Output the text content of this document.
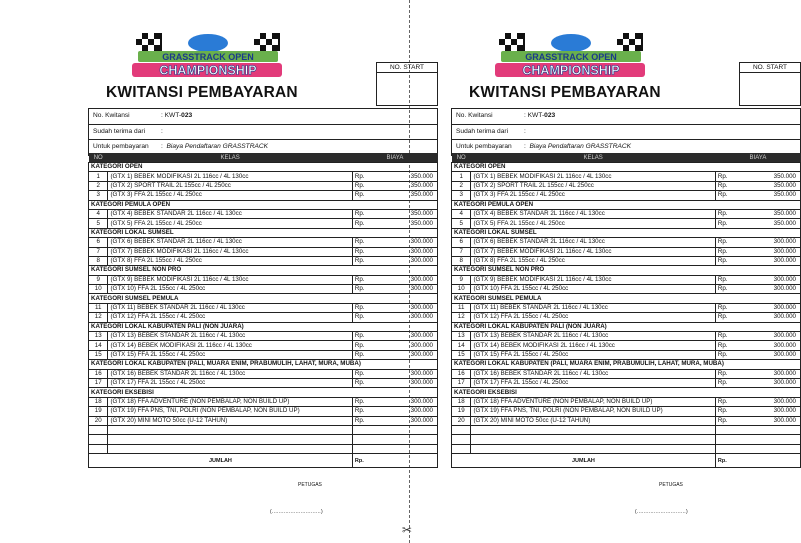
✂
GRASSTRACK OPEN
CHAMPIONSHIP	NO. START
KWITANSI PEMBAYARAN
No. Kwitansi	: KWT-023
Sudah terima dari :
Untuk pembayaran : Biaya Pendaftaran GRASSTRACK
NO	KELAS	BIAYA	
KATEGORI OPEN			
1	(GTX 1) BEBEK MODIFIKASI 2L 116cc / 4L 130cc	Rp.	350.000
2	(GTX 2) SPORT TRAIL 2L 155cc / 4L 250cc	Rp.	350.000
3	(GTX 3) FFA 2L 155cc / 4L 250cc	Rp.	350.000
KATEGORI PEMULA OPEN			
4	(GTX 4) BEBEK STANDAR 2L 116cc / 4L 130cc	Rp.	350.000
5	(GTX 5) FFA 2L 155cc / 4L 250cc	Rp.	350.000
KATEGORI LOKAL SUMSEL			
6	(GTX 6) BEBEK STANDAR 2L 116cc / 4L 130cc	Rp.	300.000
7	(GTX 7) BEBEK MODIFIKASI 2L 116cc / 4L 130cc	Rp.	300.000
8	(GTX 8) FFA 2L 155cc / 4L 250cc	Rp.	300.000
KATEGORI SUMSEL NON PRO			
9	(GTX 9) BEBEK MODIFIKASI 2L 116cc / 4L 130cc	Rp.	300.000
10	(GTX 10) FFA 2L 155cc / 4L 250cc	Rp.	300.000
KATEGORI SUMSEL PEMULA			
11	(GTX 11) BEBEK STANDAR 2L 116cc / 4L 130cc	Rp.	300.000
12	(GTX 12) FFA 2L 155cc / 4L 250cc	Rp.	300.000
KATEGORI LOKAL KABUPATEN PALI (NON JUARA)			
13	(GTX 13) BEBEK STANDAR 2L 116cc / 4L 130cc	Rp.	300.000
14	(GTX 14) BEBEK MODIFIKASI 2L 116cc / 4L 130cc	Rp.	300.000
15	(GTX 15) FFA 2L 155cc / 4L 250cc	Rp.	300.000
KATEGORI LOKAL KABUPATEN (PALI, MUARA ENIM, PRABUMULIH, LAHAT, MURA, MUBA)			
16	(GTX 16) BEBEK STANDAR 2L 116cc / 4L 130cc	Rp.	300.000
17	(GTX 17) FFA 2L 155cc / 4L 250cc	Rp.	300.000
KATEGORI EKSEBISI			
18	(GTX 18) FFA ADVENTURE (NON PEMBALAP, NON BUILD UP)	Rp.	300.000
19	(GTX 19) FFA PNS, TNI, POLRI (NON PEMBALAP, NON BUILD UP)	Rp.	300.000
20	(GTX 20) MINI MOTO 50cc (U-12 TAHUN)	Rp.	300.000

JUMLAH		Rp.	
PETUGAS
(.............................)
GRASSTRACK OPEN
CHAMPIONSHIP	NO. START
KWITANSI PEMBAYARAN
No. Kwitansi	: KWT-023
Sudah terima dari :
Untuk pembayaran : Biaya Pendaftaran GRASSTRACK
NO	KELAS	BIAYA	
KATEGORI OPEN			
1	(GTX 1) BEBEK MODIFIKASI 2L 116cc / 4L 130cc	Rp.	350.000
2	(GTX 2) SPORT TRAIL 2L 155cc / 4L 250cc	Rp.	350.000
3	(GTX 3) FFA 2L 155cc / 4L 250cc	Rp.	350.000
KATEGORI PEMULA OPEN			
4	(GTX 4) BEBEK STANDAR 2L 116cc / 4L 130cc	Rp.	350.000
5	(GTX 5) FFA 2L 155cc / 4L 250cc	Rp.	350.000
KATEGORI LOKAL SUMSEL			
6	(GTX 6) BEBEK STANDAR 2L 116cc / 4L 130cc	Rp.	300.000
7	(GTX 7) BEBEK MODIFIKASI 2L 116cc / 4L 130cc	Rp.	300.000
8	(GTX 8) FFA 2L 155cc / 4L 250cc	Rp.	300.000
KATEGORI SUMSEL NON PRO			
9	(GTX 9) BEBEK MODIFIKASI 2L 116cc / 4L 130cc	Rp.	300.000
10	(GTX 10) FFA 2L 155cc / 4L 250cc	Rp.	300.000
KATEGORI SUMSEL PEMULA			
11	(GTX 11) BEBEK STANDAR 2L 116cc / 4L 130cc	Rp.	300.000
12	(GTX 12) FFA 2L 155cc / 4L 250cc	Rp.	300.000
KATEGORI LOKAL KABUPATEN PALI (NON JUARA)			
13	(GTX 13) BEBEK STANDAR 2L 116cc / 4L 130cc	Rp.	300.000
14	(GTX 14) BEBEK MODIFIKASI 2L 116cc / 4L 130cc	Rp.	300.000
15	(GTX 15) FFA 2L 155cc / 4L 250cc	Rp.	300.000
KATEGORI LOKAL KABUPATEN (PALI, MUARA ENIM, PRABUMULIH, LAHAT, MURA, MUBA)			
16	(GTX 16) BEBEK STANDAR 2L 116cc / 4L 130cc	Rp.	300.000
17	(GTX 17) FFA 2L 155cc / 4L 250cc	Rp.	300.000
KATEGORI EKSEBISI			
18	(GTX 18) FFA ADVENTURE (NON PEMBALAP, NON BUILD UP)	Rp.	300.000
19	(GTX 19) FFA PNS, TNI, POLRI (NON PEMBALAP, NON BUILD UP)	Rp.	300.000
20	(GTX 20) MINI MOTO 50cc (U-12 TAHUN)	Rp.	300.000

JUMLAH		Rp.	
PETUGAS
(.............................)
